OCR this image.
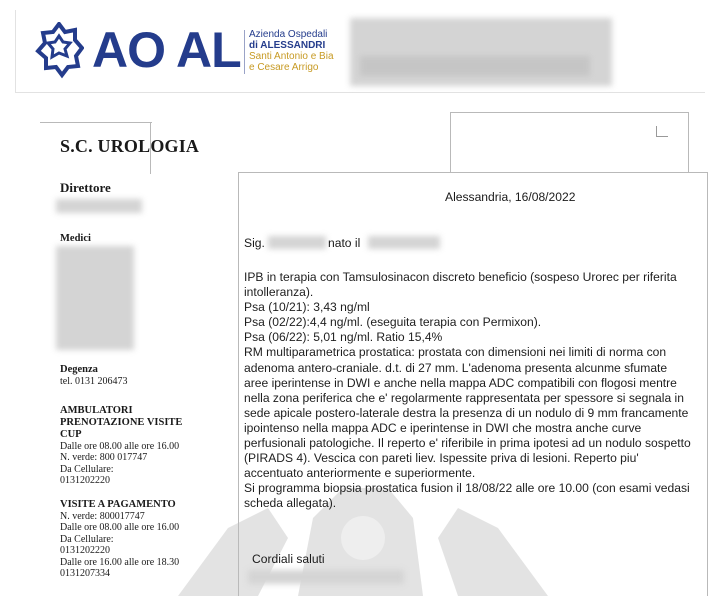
AO AL Azienda Ospedali
di ALESSANDRI
Santi Antonio e Bia
e Cesare Arrigo
S.C. UROLOGIA
Direttore
Medici
Degenza
tel. 0131 206473
AMBULATORI
PRENOTAZIONE VISITE
CUP
Dalle ore 08.00 alle ore 16.00
N. verde: 800 017747
Da Cellulare:
0131202220
VISITE A PAGAMENTO
N. verde: 800017747
Dalle ore 08.00 alle ore 16.00
Da Cellulare:
0131202220
Dalle ore 16.00 alle ore 18.30
0131207334
Alessandria, 16/08/2022
Sig.	nato il

IPB in terapia con Tamsulosinacon discreto beneficio (sospeso Urorec per riferita

intolleranza).

Psa (10/21): 3,43 ng/ml

Psa (02/22):4,4 ng/ml. (eseguita terapia con Permixon).

Psa (06/22): 5,01 ng/ml. Ratio 15,4%

RM multiparametrica prostatica: prostata con dimensioni nei limiti di norma con

adenoma antero-craniale. d.t. di 27 mm. L'adenoma presenta alcunme sfumate

aree iperintense in DWI e anche nella mappa ADC compatibili con flogosi mentre

nella zona periferica che e' regolarmente rappresentata per spessore si segnala in

sede apicale postero-laterale destra la presenza di un nodulo di 9 mm francamente

ipointenso nella mappa ADC e iperintense in DWI che mostra anche curve

perfusionali patologiche. Il reperto e' riferibile in prima ipotesi ad un nodulo sospetto

(PIRADS 4). Vescica con pareti liev. Ispessite priva di lesioni. Reperto piu'

accentuato anteriormente e superiormente.

Si programma biopsia prostatica fusion il 18/08/22 alle ore 10.00 (con esami vedasi

scheda allegata).

Cordiali saluti
